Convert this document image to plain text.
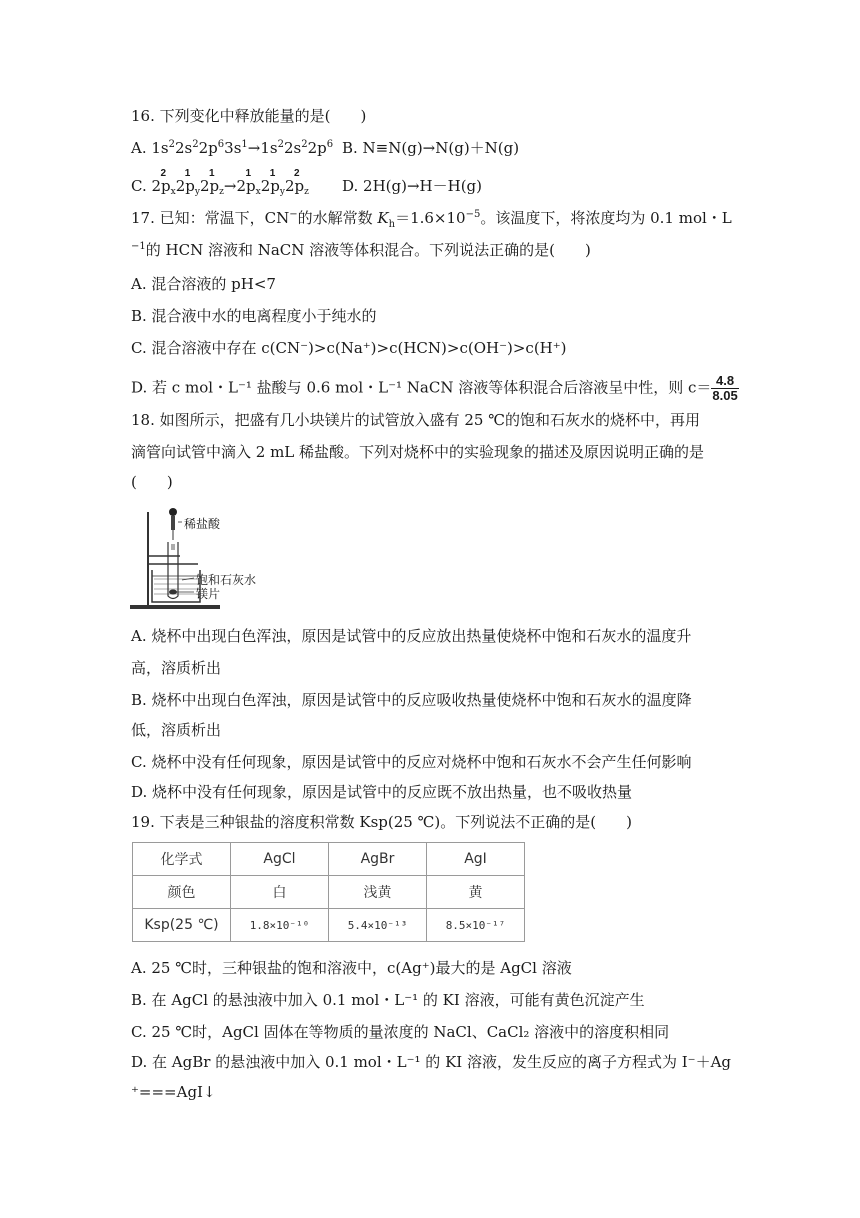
16. 下列变化中释放能量的是(　　)
A. $1s^22s^22p^63s^1\to 1s^22s^22p^6$ B. N≡N(g)→N(g)＋N(g)
C. 2p
2
$_x$2p
1
$_y$2p
1
$_z$→2p
1
$_x$2p
1
$_y$2p
2
$_z$ D. 2H(g)→H－H(g)
17. 已知：常温下，CN−的水解常数 $K_h=1.6\times 10^{-5}$。该温度下，将浓度均为 0.1 mol・L
$^{-1}$的 HCN 溶液和 NaCN 溶液等体积混合。下列说法正确的是(　　)
A. 混合溶液的 pH<7
B. 混合液中水的电离程度小于纯水的
C. 混合溶液中存在 c(CN⁻)>c(Na⁺)>c(HCN)>c(OH⁻)>c(H⁺)
D. 若 c mol・L⁻¹ 盐酸与 0.6 mol・L⁻¹ NaCN 溶液等体积混合后溶液呈中性，则 $c= \frac{4.8}{8.05}$
18. 如图所示，把盛有几小块镁片的试管放入盛有 25 ℃的饱和石灰水的烧杯中，再用
滴管向试管中滴入 2 mL 稀盐酸。下列对烧杯中的实验现象的描述及原因说明正确的是
(　　)
稀盐酸
饱和石灰水
镁片
A. 烧杯中出现白色浑浊，原因是试管中的反应放出热量使烧杯中饱和石灰水的温度升
高，溶质析出
B. 烧杯中出现白色浑浊，原因是试管中的反应吸收热量使烧杯中饱和石灰水的温度降
低，溶质析出
C. 烧杯中没有任何现象，原因是试管中的反应对烧杯中饱和石灰水不会产生任何影响
D. 烧杯中没有任何现象，原因是试管中的反应既不放出热量，也不吸收热量
19. 下表是三种银盐的溶度积常数 Ksp(25 ℃)。下列说法不正确的是(　　)
化学式	AgCl	AgBr	AgI
颜色	白	浅黄	黄
Ksp(25 ℃)	1.8×10⁻¹⁰	5.4×10⁻¹³	8.5×10⁻¹⁷
A. 25 ℃时，三种银盐的饱和溶液中，c(Ag⁺)最大的是 AgCl 溶液
B. 在 AgCl 的悬浊液中加入 0.1 mol・L⁻¹ 的 KI 溶液，可能有黄色沉淀产生
C. 25 ℃时，AgCl 固体在等物质的量浓度的 NaCl、CaCl₂ 溶液中的溶度积相同
D. 在 AgBr 的悬浊液中加入 0.1 mol・L⁻¹ 的 KI 溶液，发生反应的离子方程式为 I⁻＋Ag
⁺===AgI↓
